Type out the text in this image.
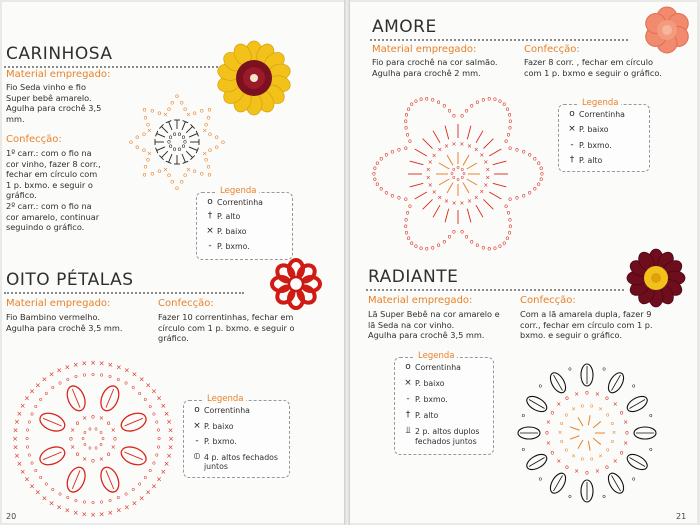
CARINHOSA
Material empregado:
Fio Seda vinho e fio
Super bebê amarelo.
Agulha para crochê 3,5
mm.
Confecção:
1º carr.: com o fio na
cor vinho, fazer 8 corr.,
fechar em círculo com
1 p. bxmo. e seguir o
gráfico.
2º carr.: com o fio na
cor amarelo, continuar
seguindo o gráfico.
o
o
o
o
o
o
o o o o	o o
o
o
o
×
o
o
o
o
o
×
o
o
o
o
o
×
o
o
o
o
o
×
o
o
o
o o ×
o
o
o o o ×
o
o
o
o
o
× o o o
o
o
×
Legenda
o Correntinha
† P. alto
× P. baixo
- P. bxmo.
OITO PÉTALAS
Material empregado:
Fio Bambino vermelho.
Agulha para crochê 3,5 mm.
Confecção:
Fazer 10 correntinhas, fechar em
círculo com 1 p. bxmo. e seguir o
gráfico.
×
×
×
×
×
×
×
×
×
×
×
×
×
×
×
×
×
×
×
×
×
×
×
×
×
×
×
×
×
×
×
×
×
×
×
×
×
×
× × × × × × × × ×
×
×
×
×
×
×
×
×
×
o
o
o
o
o
o
o
o
o
o
o
o
o
o
o
o
o
o
o
o
o
o
o
o
o
o
o
o
o
o
o
o
o
o o o o o o o
o
o
o
o
o
o
o
o
o
×
o
×
o
×
o
×
o
×
o
× o ×
o
×
o
o
o
o
o
o
o
o o
o
Legenda
o Correntinha
× P. baixo
- P. bxmo.
⦶ 4 p. altos fechados
juntos
20
AMORE
Material empregado:
Fio para crochê na cor salmão.
Agulha para crochê 2 mm.
Confecção:
Fazer 8 corr. , fechar em círculo
com 1 p. bxmo e seguir o gráfico.
o o o o
o
o
o
o
o
o
o
o
o
o
o
o
o
o
o
o
o
o
o
o
o
o
o
o
o
o
o
o
o
o
o
o
o
o
o
o
o
o
o
o
o
o
o
o
o
o
o
o
o
o
o
o
o o o o
o
o
o
o
o
o
o o o o o o
o
o
o o
o
o
o o o o o o
o
o
o
o
o
o
×
×
×
×
×
×
×
×
×
×
×
×
×
×
×
×
× × × ×
×
×
×
×
o
o
o
o
o
o o o
Legenda
o Correntinha
× P. baixo
- P. bxmo.
† P. alto
RADIANTE
Material empregado:
Lã Super Bebê na cor amarelo e
lã Seda na cor vinho.
Agulha para crochê 3,5 mm.
Confecção:
Com a lã amarela dupla, fazer 9
corr., fechar em círculo com 1 p.
bxmo. e seguir o gráfico.
Legenda
o Correntinha
× P. baixo
- P. bxmo.
† P. alto
⫫ 2 p. altos duplos
fechados juntos
o
o
o
o
o
o
o
o
o	o
o
o
o
×
o
×
o
×
o
×
o
×
o
×
o
×
o
×
o
× o ×
o
×
o
×
×
o
o
×
o
o
×
o
o
×
o
o
×
o o
×
o
o
21
